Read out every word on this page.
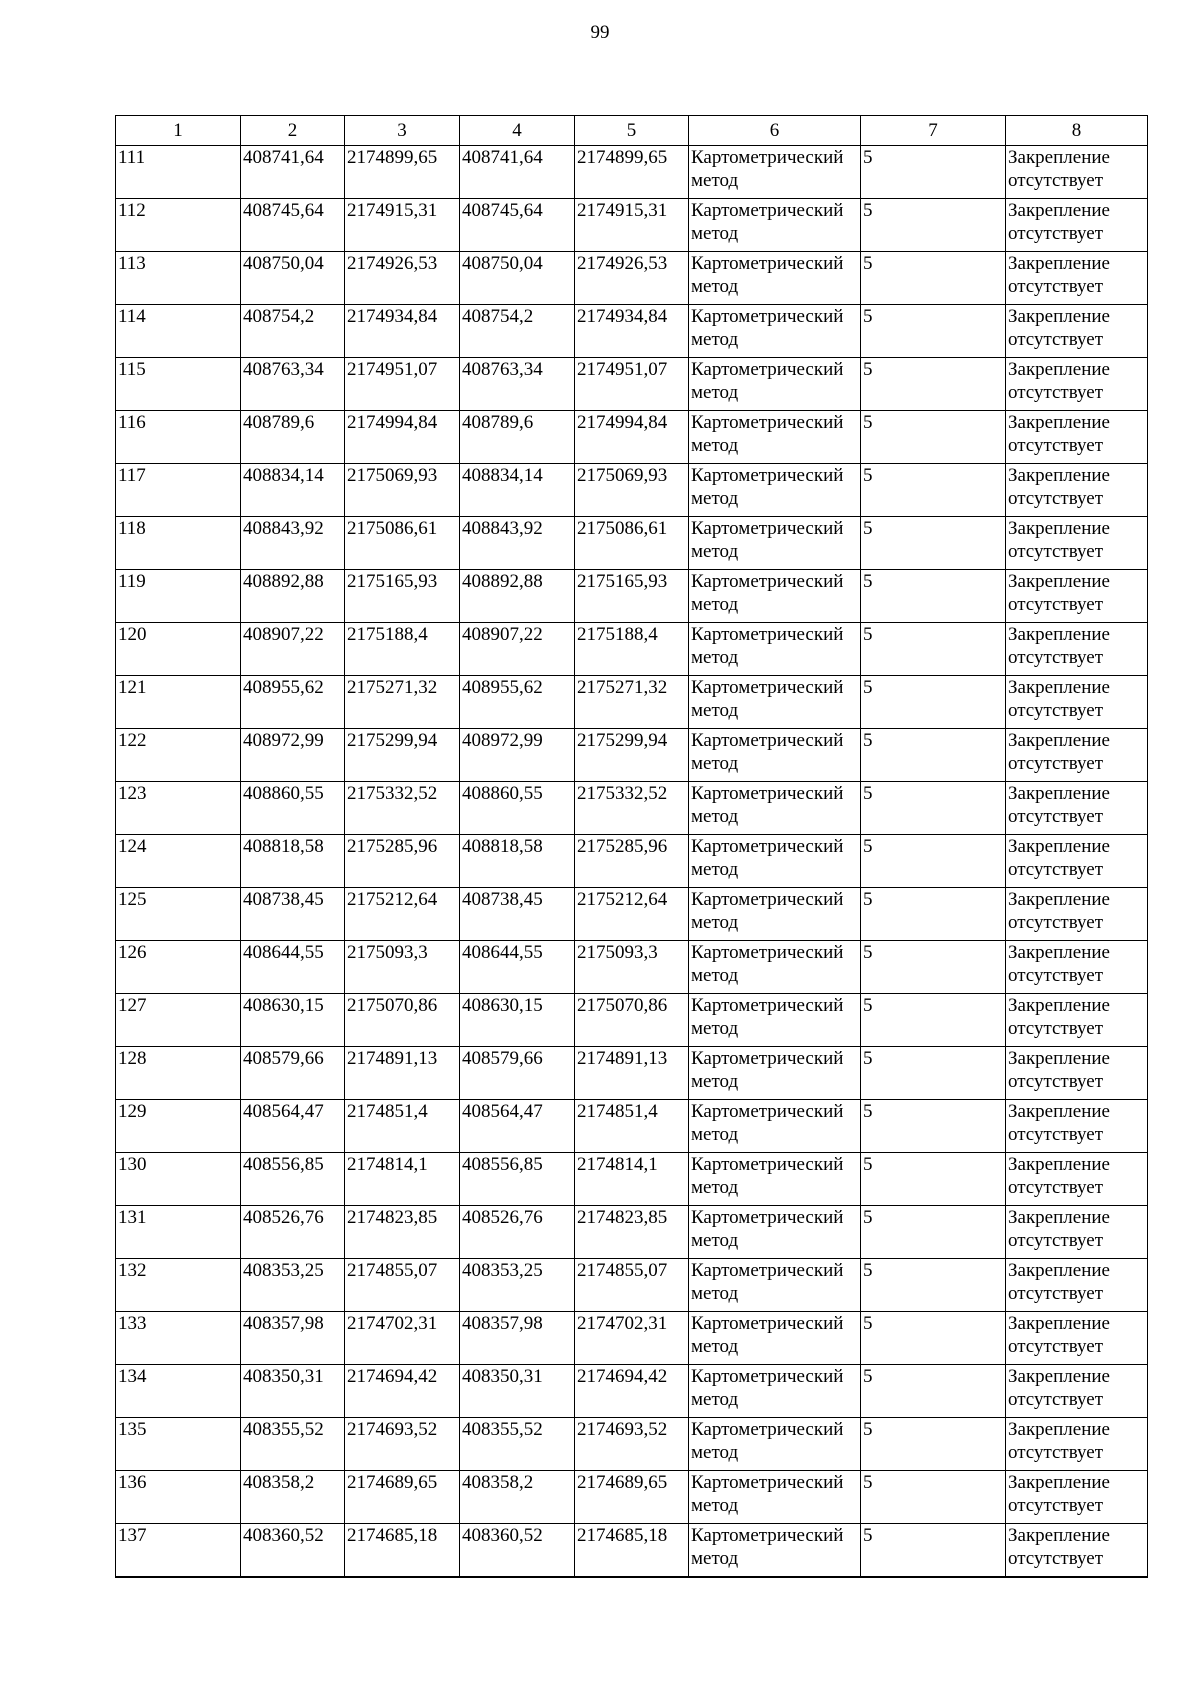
99
1	2	3	4	5	6	7	8
111	408741,64	2174899,65	408741,64	2174899,65	Картометрический метод	5	Закрепление отсутствует
112	408745,64	2174915,31	408745,64	2174915,31	Картометрический метод	5	Закрепление отсутствует
113	408750,04	2174926,53	408750,04	2174926,53	Картометрический метод	5	Закрепление отсутствует
114	408754,2	2174934,84	408754,2	2174934,84	Картометрический метод	5	Закрепление отсутствует
115	408763,34	2174951,07	408763,34	2174951,07	Картометрический метод	5	Закрепление отсутствует
116	408789,6	2174994,84	408789,6	2174994,84	Картометрический метод	5	Закрепление отсутствует
117	408834,14	2175069,93	408834,14	2175069,93	Картометрический метод	5	Закрепление отсутствует
118	408843,92	2175086,61	408843,92	2175086,61	Картометрический метод	5	Закрепление отсутствует
119	408892,88	2175165,93	408892,88	2175165,93	Картометрический метод	5	Закрепление отсутствует
120	408907,22	2175188,4	408907,22	2175188,4	Картометрический метод	5	Закрепление отсутствует
121	408955,62	2175271,32	408955,62	2175271,32	Картометрический метод	5	Закрепление отсутствует
122	408972,99	2175299,94	408972,99	2175299,94	Картометрический метод	5	Закрепление отсутствует
123	408860,55	2175332,52	408860,55	2175332,52	Картометрический метод	5	Закрепление отсутствует
124	408818,58	2175285,96	408818,58	2175285,96	Картометрический метод	5	Закрепление отсутствует
125	408738,45	2175212,64	408738,45	2175212,64	Картометрический метод	5	Закрепление отсутствует
126	408644,55	2175093,3	408644,55	2175093,3	Картометрический метод	5	Закрепление отсутствует
127	408630,15	2175070,86	408630,15	2175070,86	Картометрический метод	5	Закрепление отсутствует
128	408579,66	2174891,13	408579,66	2174891,13	Картометрический метод	5	Закрепление отсутствует
129	408564,47	2174851,4	408564,47	2174851,4	Картометрический метод	5	Закрепление отсутствует
130	408556,85	2174814,1	408556,85	2174814,1	Картометрический метод	5	Закрепление отсутствует
131	408526,76	2174823,85	408526,76	2174823,85	Картометрический метод	5	Закрепление отсутствует
132	408353,25	2174855,07	408353,25	2174855,07	Картометрический метод	5	Закрепление отсутствует
133	408357,98	2174702,31	408357,98	2174702,31	Картометрический метод	5	Закрепление отсутствует
134	408350,31	2174694,42	408350,31	2174694,42	Картометрический метод	5	Закрепление отсутствует
135	408355,52	2174693,52	408355,52	2174693,52	Картометрический метод	5	Закрепление отсутствует
136	408358,2	2174689,65	408358,2	2174689,65	Картометрический метод	5	Закрепление отсутствует
137	408360,52	2174685,18	408360,52	2174685,18	Картометрический метод	5	Закрепление отсутствует
